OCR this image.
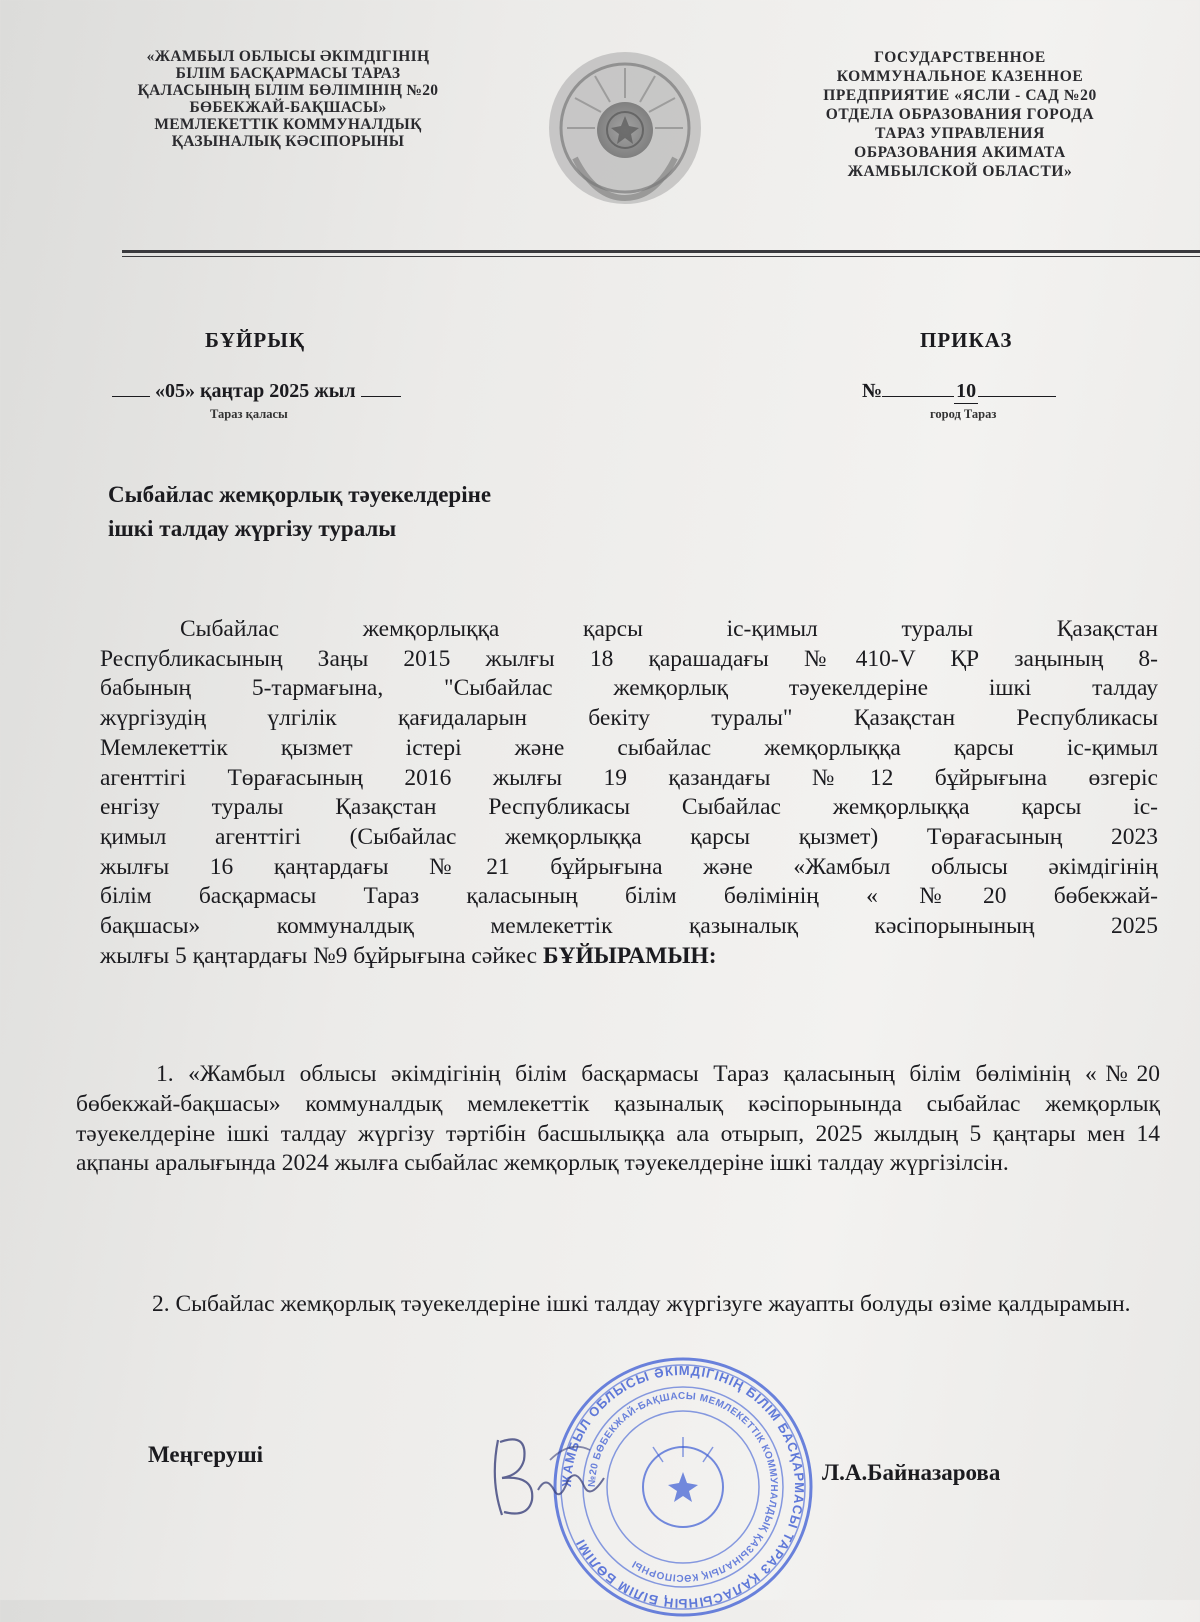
«ЖАМБЫЛ ОБЛЫСЫ ӘКІМДІГІНІҢ
БІЛІМ БАСҚАРМАСЫ ТАРАЗ
ҚАЛАСЫНЫҢ БІЛІМ БӨЛІМІНІҢ №20
БӨБЕКЖАЙ-БАҚШАСЫ»
МЕМЛЕКЕТТІК КОММУНАЛДЫҚ
ҚАЗЫНАЛЫҚ КӘСІПОРЫНЫ
ГОСУДАРСТВЕННОЕ
КОММУНАЛЬНОЕ КАЗЕННОЕ
ПРЕДПРИЯТИЕ «ЯСЛИ - САД №20
ОТДЕЛА ОБРАЗОВАНИЯ ГОРОДА
ТАРАЗ УПРАВЛЕНИЯ
ОБРАЗОВАНИЯ АКИМАТА
ЖАМБЫЛСКОЙ ОБЛАСТИ»
БҰЙРЫҚ	ПРИКАЗ
«05» қаңтар 2025 жыл
Тараз қаласы
№	10
город Тараз
Сыбайлас жемқорлық тәуекелдеріне
ішкі талдау жүргізу туралы
Сыбайлас жемқорлыққа қарсы іс-қимыл туралы Қазақстан
Республикасының Заңы 2015 жылғы 18 қарашадағы №410-V ҚР заңының 8-
бабының 5-тармағына, "Сыбайлас жемқорлық тәуекелдеріне ішкі талдау
жүргізудің үлгілік қағидаларын бекіту туралы" Қазақстан Республикасы
Мемлекеттік қызмет істері және сыбайлас жемқорлыққа қарсы іс-қимыл
агенттігі Төрағасының 2016 жылғы 19 қазандағы №12 бұйрығына өзгеріс
енгізу туралы Қазақстан Республикасы Сыбайлас жемқорлыққа қарсы іс-
қимыл агенттігі (Сыбайлас жемқорлыққа қарсы қызмет) Төрағасының 2023
жылғы 16 қаңтардағы №21 бұйрығына және «Жамбыл облысы әкімдігінің
білім басқармасы Тараз қаласының білім бөлімінің «№20 бөбекжай-
бақшасы» коммуналдық мемлекеттік қазыналық кәсіпорынының 2025
жылғы 5 қаңтардағы №9 бұйрығына сәйкес БҰЙЫРАМЫН:
1. «Жамбыл облысы әкімдігінің білім басқармасы Тараз қаласының білім бөлімінің «№20 бөбекжай-бақшасы» коммуналдық мемлекеттік қазыналық кәсіпорынында сыбайлас жемқорлық тәуекелдеріне ішкі талдау жүргізу тәртібін басшылыққа ала отырып, 2025 жылдың 5 қаңтары мен 14 ақпаны аралығында 2024 жылға сыбайлас жемқорлық тәуекелдеріне ішкі талдау жүргізілсін.
2. Сыбайлас жемқорлық тәуекелдеріне ішкі талдау жүргізуге жауапты болуды өзіме қалдырамын.
Меңгеруші
ЖАМБЫЛ ОБЛЫСЫ ӘКІМДІГІНІҢ БІЛІМ БАСҚАРМАСЫ ТАРАЗ ҚАЛАСЫНЫҢ БІЛІМ БӨЛІМІ
№20 БӨБЕКЖАЙ-БАҚШАСЫ МЕМЛЕКЕТТІК КОММУНАЛДЫҚ ҚАЗЫНАЛЫҚ КӘСІПОРНЫ
Л.А.Байназарова
